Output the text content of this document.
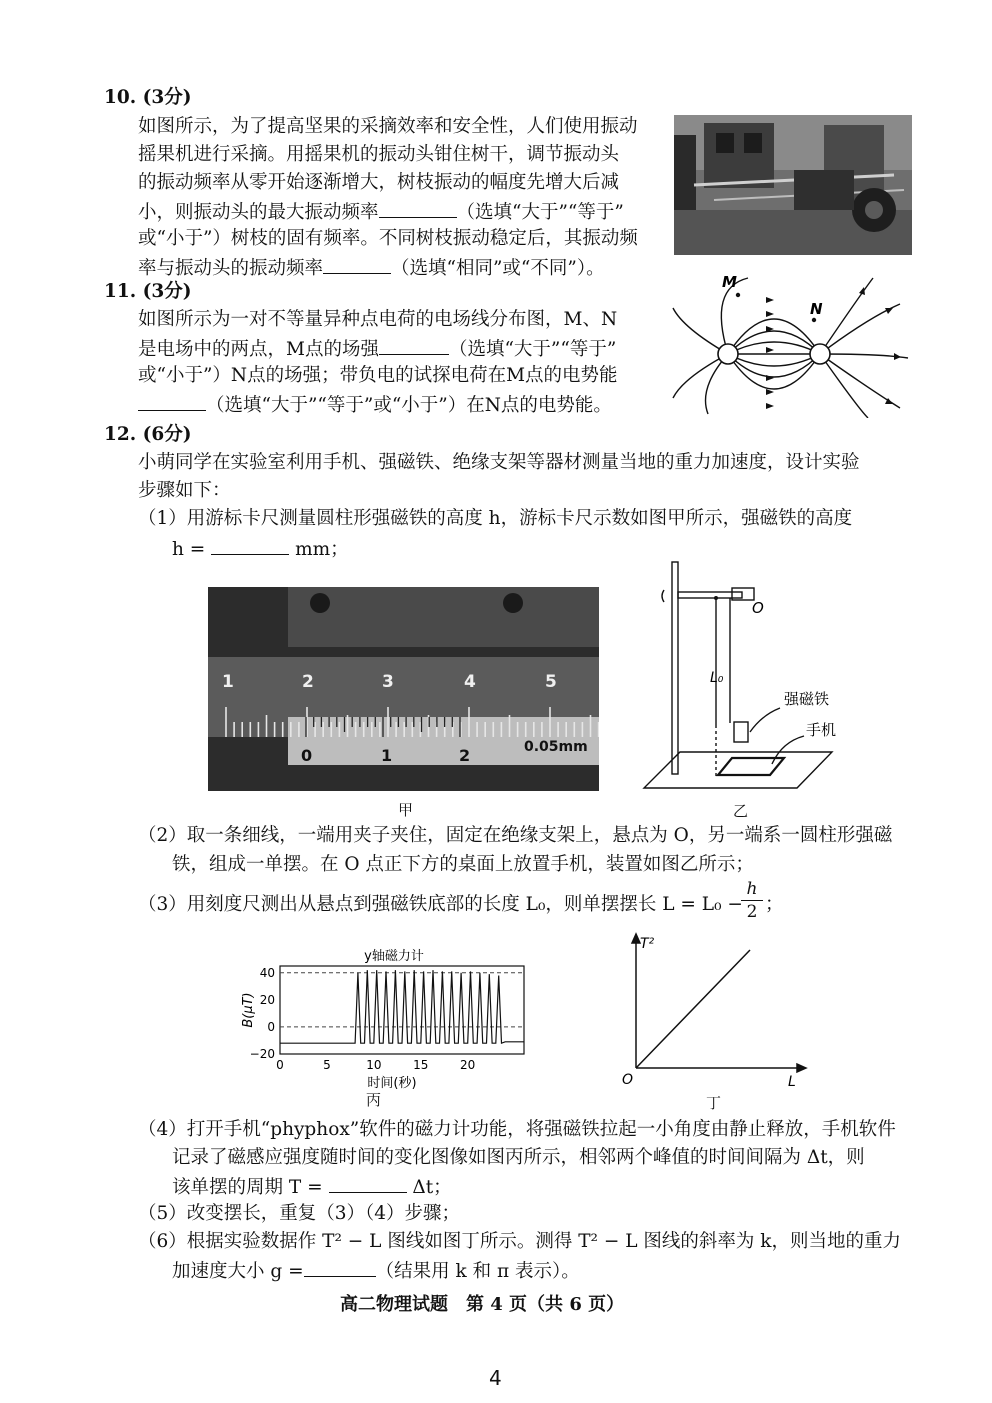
10. (3分)
如图所示，为了提高坚果的采摘效率和安全性，人们使用振动
摇果机进行采摘。用摇果机的振动头钳住树干，调节振动头
的振动频率从零开始逐渐增大，树枝振动的幅度先增大后减
小，则振动头的最大振动频率	（选填“大于”“等于”
或“小于”）树枝的固有频率。不同树枝振动稳定后，其振动频
率与振动头的振动频率	（选填“相同”或“不同”）。
11. (3分)
如图所示为一对不等量异种点电荷的电场线分布图，M、N
是电场中的两点，M点的场强	（选填“大于”“等于”
或“小于”）N点的场强；带负电的试探电荷在M点的电势能
（选填“大于”“等于”或“小于”）在N点的电势能。
M
N
12. (6分)
小萌同学在实验室利用手机、强磁铁、绝缘支架等器材测量当地的重力加速度，设计实验
步骤如下：
（1）用游标卡尺测量圆柱形强磁铁的高度 h，游标卡尺示数如图甲所示，强磁铁的高度
h =	mm；
1	2	3	4	5
0	1	2	0.05mm
甲
O
L₀
强磁铁
手机
乙
（2）取一条细线，一端用夹子夹住，固定在绝缘支架上，悬点为 O，另一端系一圆柱形强磁
铁，组成一单摆。在 O 点正下方的桌面上放置手机，装置如图乙所示；
（3）用刻度尺测出从悬点到强磁铁底部的长度 L₀，则单摆摆长 L = L₀ −
$\frac{h}{2}$ ；
y轴磁力计
B(μT)
时间(秒)
40
20
0
−20
0	5	10	15	20
丙
T²
O	L
丁
（4）打开手机“phyphox”软件的磁力计功能，将强磁铁拉起一小角度由静止释放，手机软件
记录了磁感应强度随时间的变化图像如图丙所示，相邻两个峰值的时间间隔为 Δt，则
该单摆的周期 T =	Δt；
（5）改变摆长，重复（3）（4）步骤；
（6）根据实验数据作 T² − L 图线如图丁所示。测得 T² − L 图线的斜率为 k，则当地的重力
加速度大小 g =	（结果用 k 和 π 表示）。
高二物理试题　第 4 页（共 6 页）
4
